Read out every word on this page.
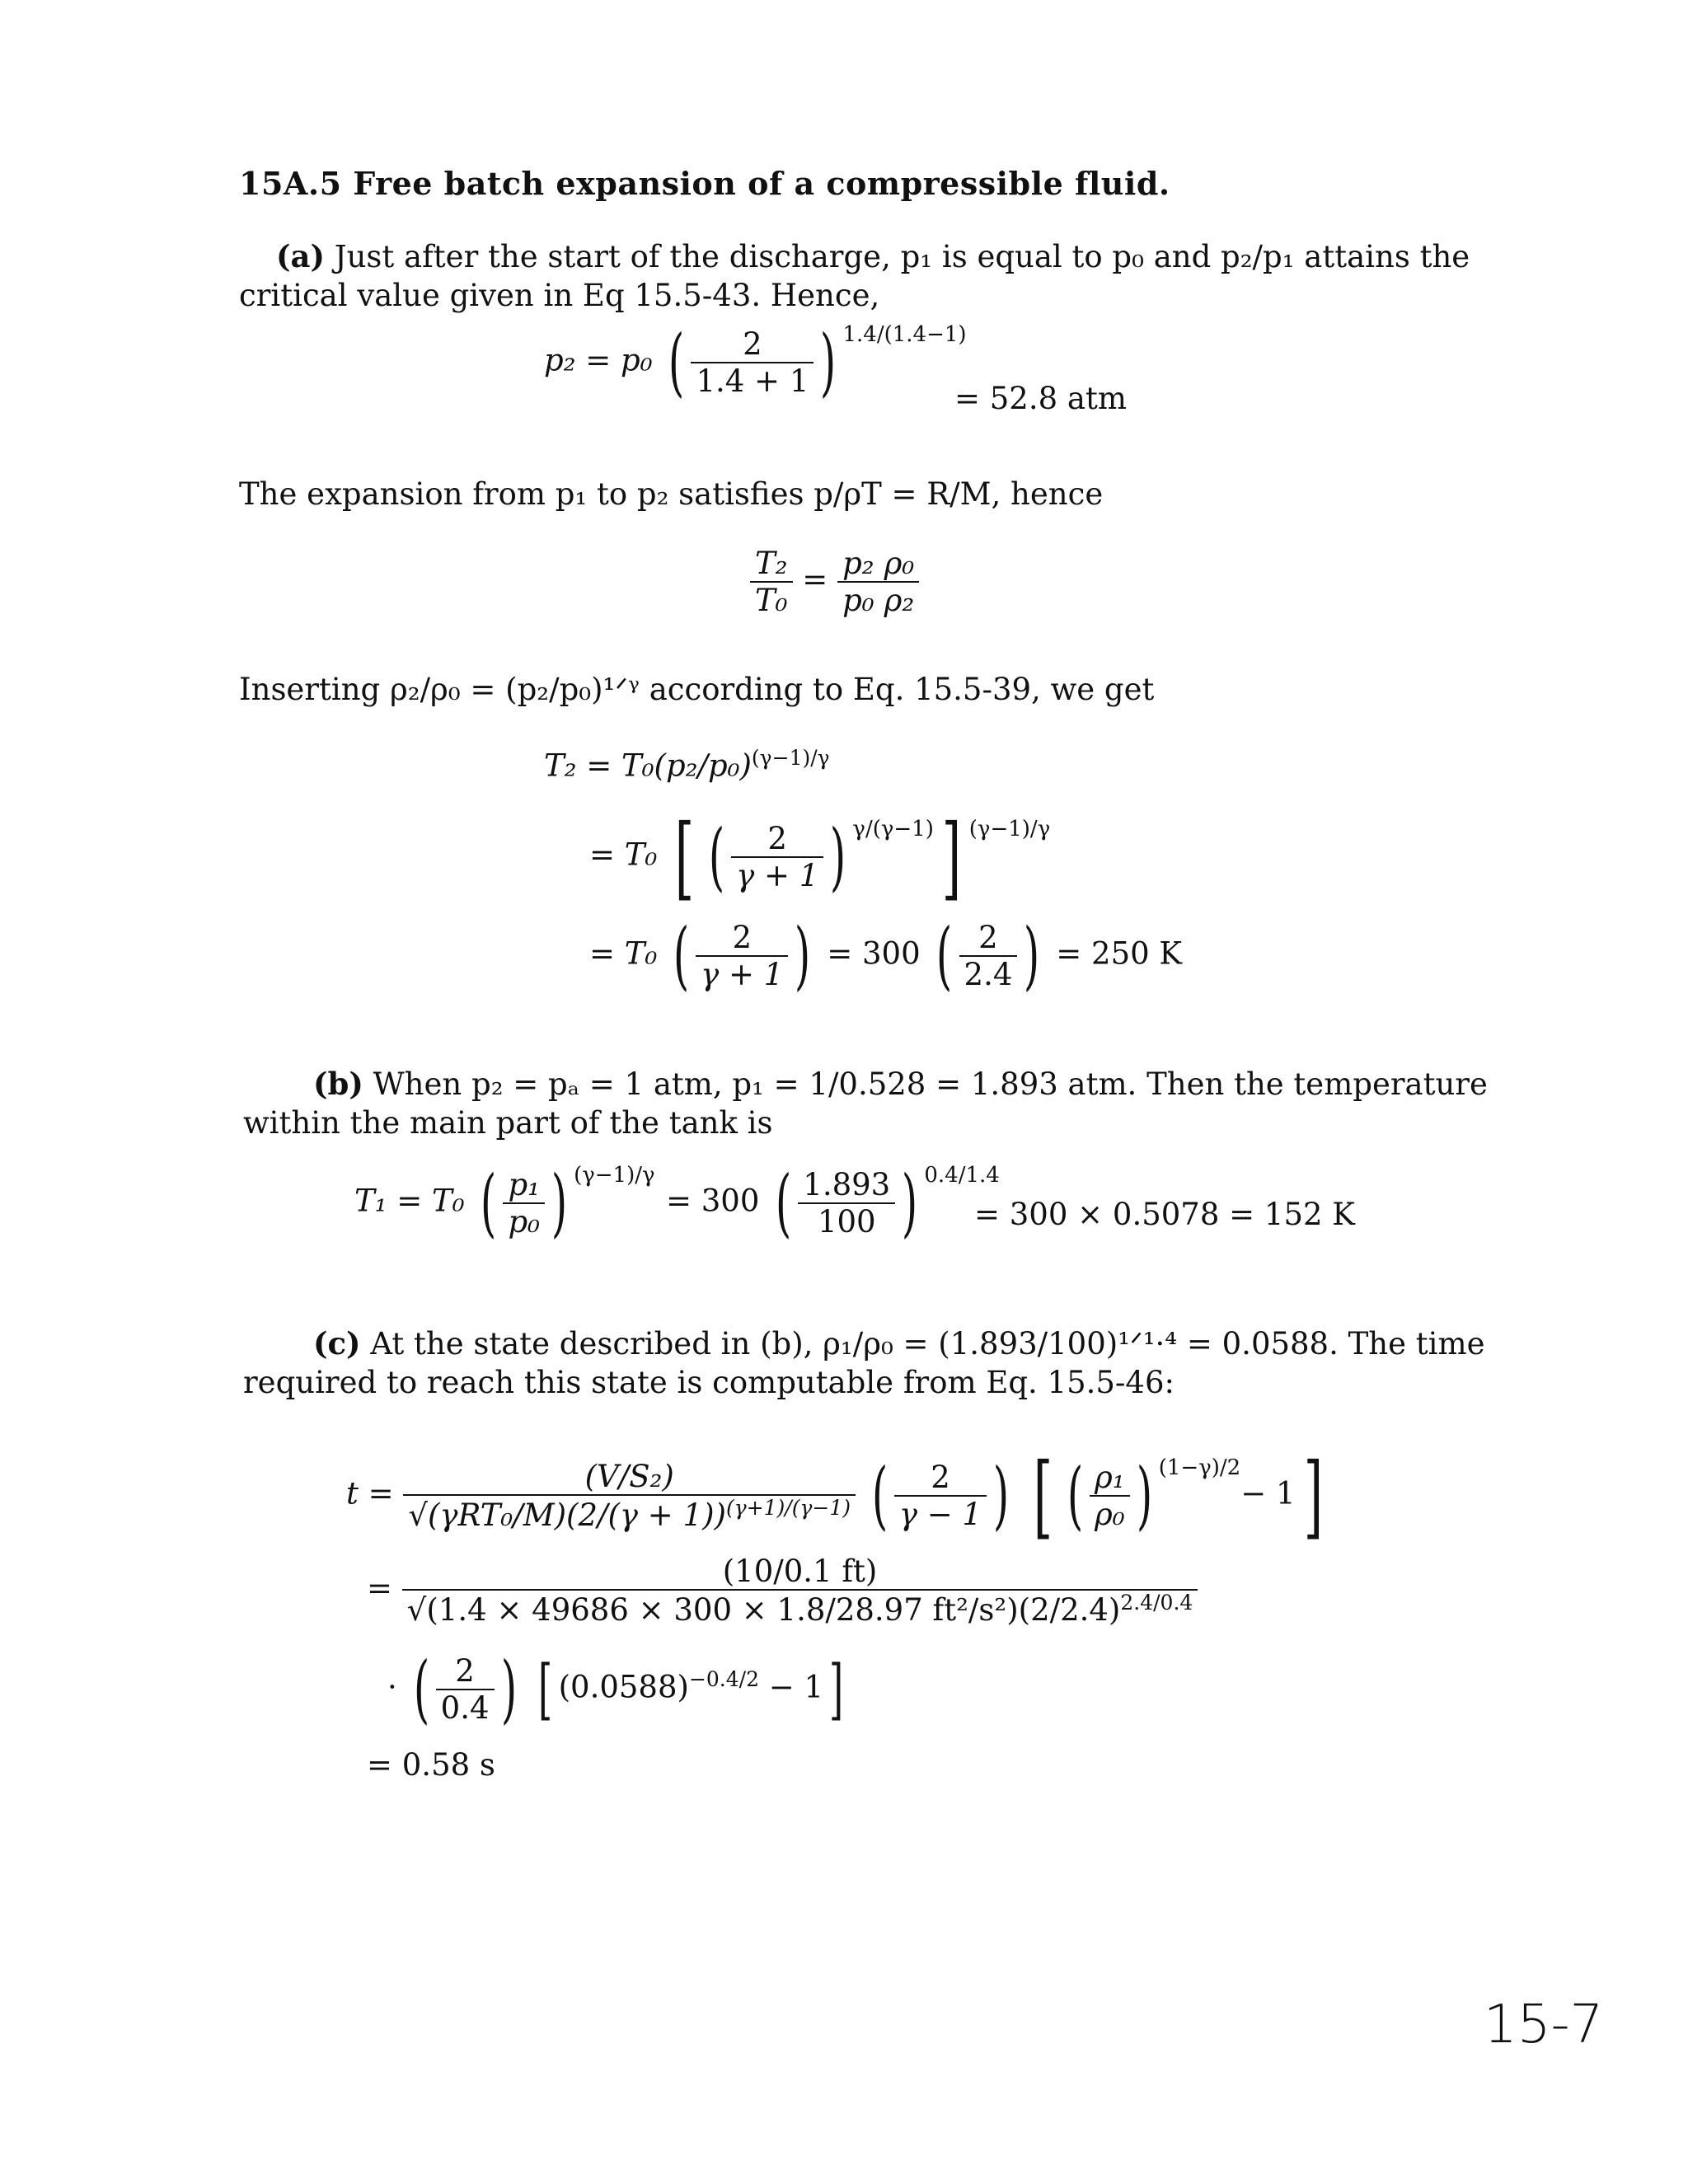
15A.5 Free batch expansion of a compressible fluid.
(a) Just after the start of the discharge, p₁ is equal to p₀ and p₂/p₁ attains the
critical value given in Eq 15.5-43. Hence,
p₂ = p₀ ( $\frac{2}{1.4 + 1}$ ) $^{1.4/(1.4-1)}$
= 52.8 atm
The expansion from p₁ to p₂ satisfies p/ρT = R/M, hence
$\frac{\text{T₂}}{\text{T₀}} = \frac{\text{p₂}}{\text{p₀}} \frac{\text{ρ₀}}{\text{ρ₂}}$
Inserting ρ₂/ρ₀ = (p₂/p₀)¹ᐟᵞ according to Eq. 15.5-39, we get
$T_2 = T_0(p_2/p_0)^{(\gamma-1)/\gamma}$
= T₀ [ ( $\frac{2}{\gamma + 1}$ ) $^{\gamma/(\gamma-1)}$] $^{(\gamma-1)/\gamma}$
= T₀ ( $\frac{2}{\gamma + 1}$ ) = 300 ( $\frac{2}{2.4}$ ) = 250 K
(b) When p₂ = pₐ = 1 atm, p₁ = 1/0.528 = 1.893 atm. Then the temperature
within the main part of the tank is
T₁ = T₀ ( $\frac{\text{p₁}}{\text{p₀}}$ ) $^{(\gamma-1)/\gamma}$
= 300 ( $\frac{1.893}{100}$ ) $^{0.4/1.4}$
= 300 × 0.5078 = 152 K
(c) At the state described in (b), ρ₁/ρ₀ = (1.893/100)¹ᐟ¹·⁴ = 0.0588. The time
required to reach this state is computable from Eq. 15.5-46:
$t = \frac{\text{(V/S₂)}}{√(\gamma RT_0/M)(2/(\gamma + 1))^{(\gamma+1)/(\gamma-1)}}$ ( $\frac{2}{\gamma - 1}$ ) [ ( $\frac{\text{ρ₁}}{\text{ρ₀}}$ ) $^{(1-\gamma)/2}$− 1]
= $\frac{(10/0.1 ft)}{√(1.4 \times 49686 \times 300 \times 1.8/28.97 ft^2/s^2)(2/2.4)^{2.4/0.4}}$
· ( $\frac{2}{0.4}$ ) [ $(0.0588)^{-0.4/2} - 1$]
= 0.58 s
15-7
